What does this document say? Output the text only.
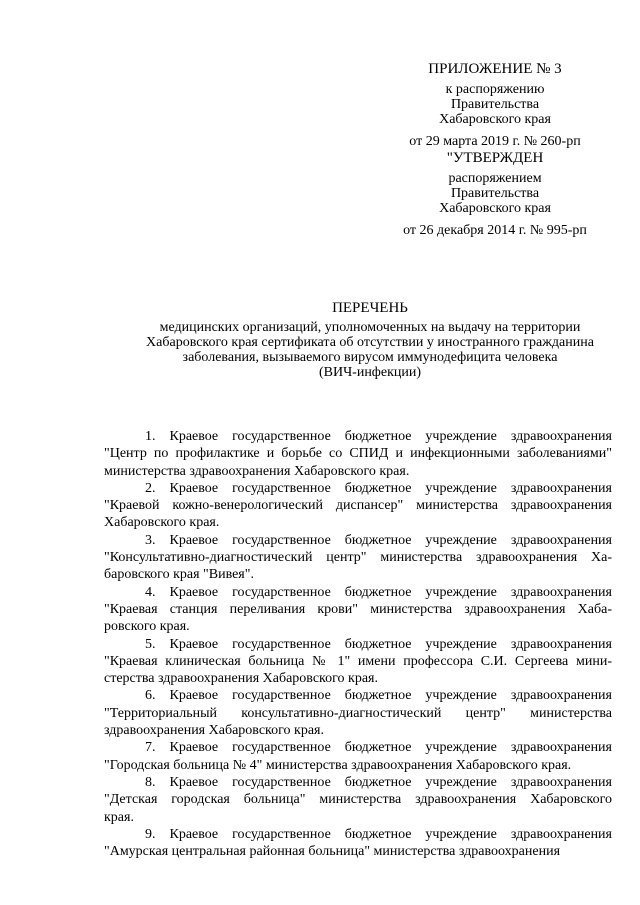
ПРИЛОЖЕНИЕ № 3
к распоряжению
Правительства
Хабаровского края
от 29 марта 2019 г. № 260-рп
"УТВЕРЖДЕН
распоряжением
Правительства
Хабаровского края
от 26 декабря 2014 г. № 995-рп
ПЕРЕЧЕНЬ
медицинских организаций, уполномоченных на выдачу на территории
Хабаровского края сертификата об отсутствии у иностранного гражданина
заболевания, вызываемого вирусом иммунодефицита человека
(ВИЧ-инфекции)
1. Краевое государственное бюджетное учреждение здравоохранения
"Центр по профилактике и борьбе со СПИД и инфекционными заболеваниями"
министерства здравоохранения Хабаровского края.
2. Краевое государственное бюджетное учреждение здравоохранения
"Краевой кожно-венерологический диспансер" министерства здравоохранения
Хабаровского края.
3. Краевое государственное бюджетное учреждение здравоохранения
"Консультативно-диагностический центр" министерства здравоохранения Ха-
баровского края "Вивея".
4. Краевое государственное бюджетное учреждение здравоохранения
"Краевая станция переливания крови" министерства здравоохранения Хаба-
ровского края.
5. Краевое государственное бюджетное учреждение здравоохранения
"Краевая клиническая больница № 1" имени профессора С.И. Сергеева мини-
стерства здравоохранения Хабаровского края.
6. Краевое государственное бюджетное учреждение здравоохранения
"Территориальный консультативно-диагностический центр" министерства
здравоохранения Хабаровского края.
7. Краевое государственное бюджетное учреждение здравоохранения
"Городская больница № 4" министерства здравоохранения Хабаровского края.
8. Краевое государственное бюджетное учреждение здравоохранения
"Детская городская больница" министерства здравоохранения Хабаровского
края.
9. Краевое государственное бюджетное учреждение здравоохранения
"Амурская центральная районная больница" министерства здравоохранения
